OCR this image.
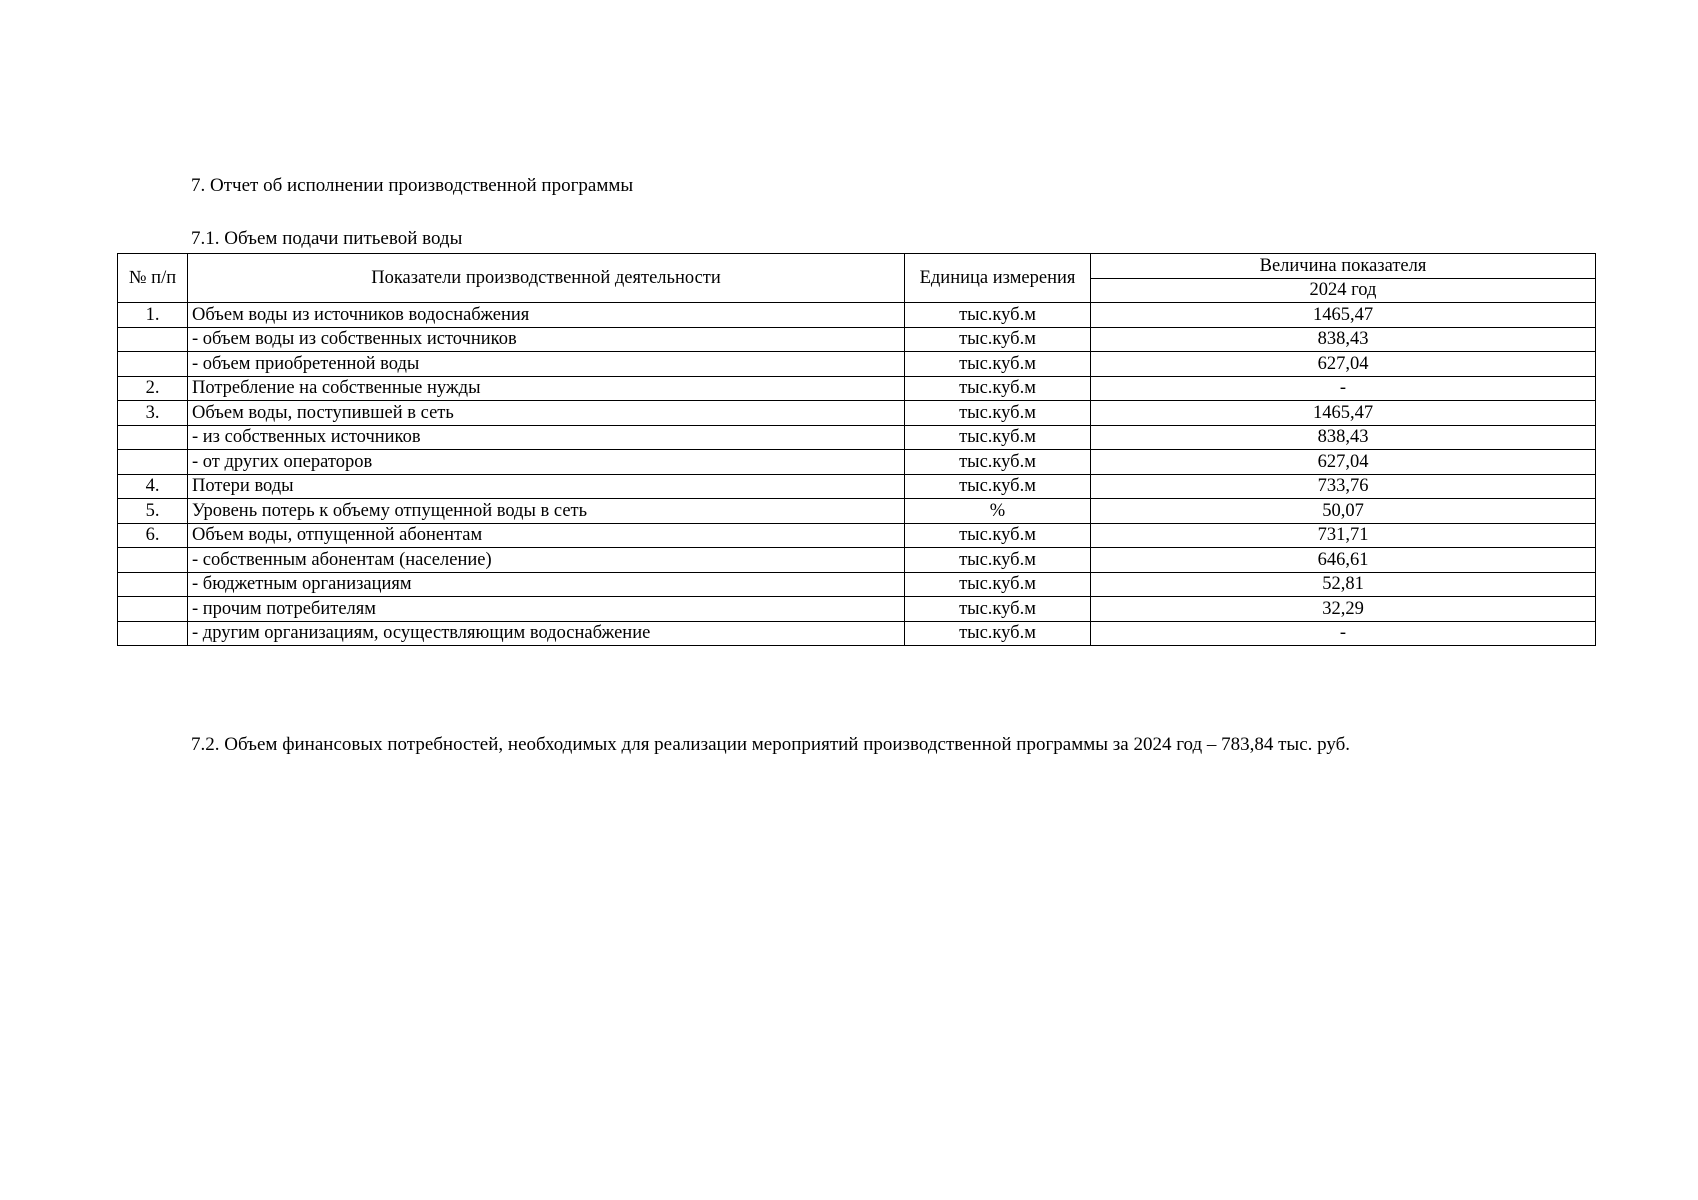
7. Отчет об исполнении производственной программы
7.1. Объем подачи питьевой воды
№ п/п	Показатели производственной деятельности	Единица измерения	Величина показателя
			2024 год
1.	Объем воды из источников водоснабжения	тыс.куб.м	1465,47
	- объем воды из собственных источников	тыс.куб.м	838,43
	- объем приобретенной воды	тыс.куб.м	627,04
2.	Потребление на собственные нужды	тыс.куб.м	-
3.	Объем воды, поступившей в сеть	тыс.куб.м	1465,47
	- из собственных источников	тыс.куб.м	838,43
	- от других операторов	тыс.куб.м	627,04
4.	Потери воды	тыс.куб.м	733,76
5.	Уровень потерь к объему отпущенной воды в сеть	%	50,07
6.	Объем воды, отпущенной абонентам	тыс.куб.м	731,71
	- собственным абонентам (население)	тыс.куб.м	646,61
	- бюджетным организациям	тыс.куб.м	52,81
	- прочим потребителям	тыс.куб.м	32,29
	- другим организациям, осуществляющим водоснабжение	тыс.куб.м	-
7.2. Объем финансовых потребностей, необходимых для реализации мероприятий производственной программы за 2024 год – 783,84 тыс. руб.
